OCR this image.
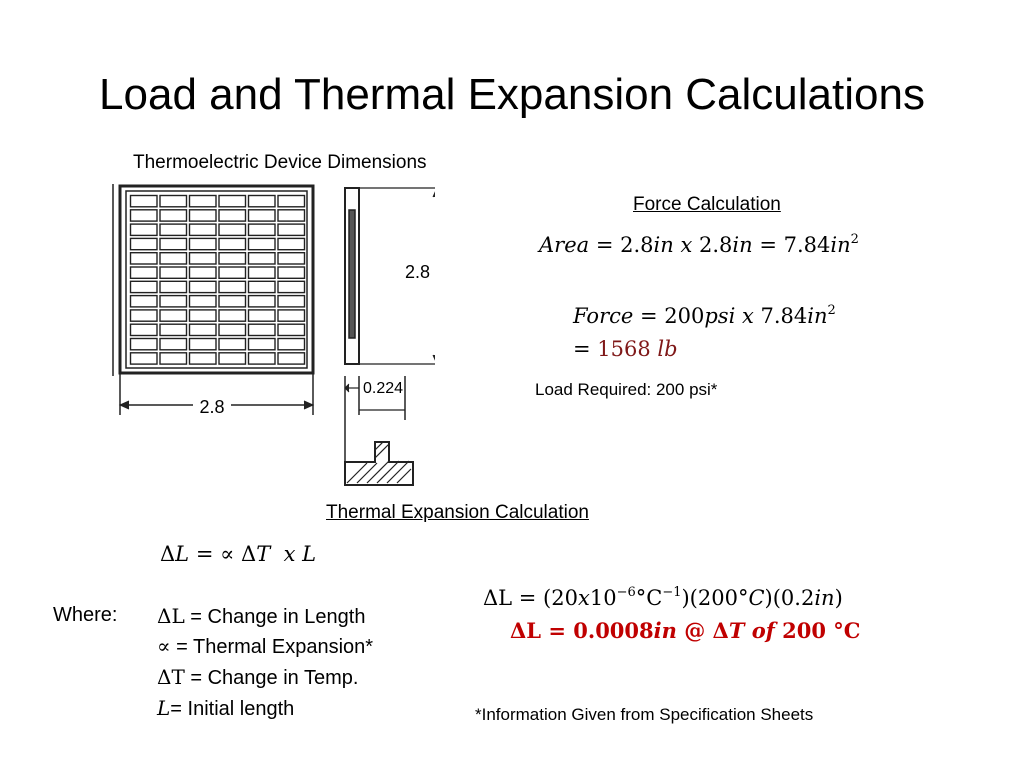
Load and Thermal Expansion Calculations
Thermoelectric Device Dimensions
2.8
2.8
0.224
Force Calculation
Area = 2.8in x $2.8in = 7.84in^2$
Force = 200psi x $7.84in^2$
= 1568 lb
Load Required: 200 psi*
Thermal Expansion Calculation
ΔL = ∝ ΔT x L
$\Delta L = (20x10^{-6}^\circ C^{-1})(200^\circ C)(0.2in)$
ΔL = 0.0008in @ ΔT of 200 °C
Where: ΔL = Change in Length
∝ = Thermal Expansion*
ΔT = Change in Temp.
L= Initial length	*Information Given from Specification Sheets
